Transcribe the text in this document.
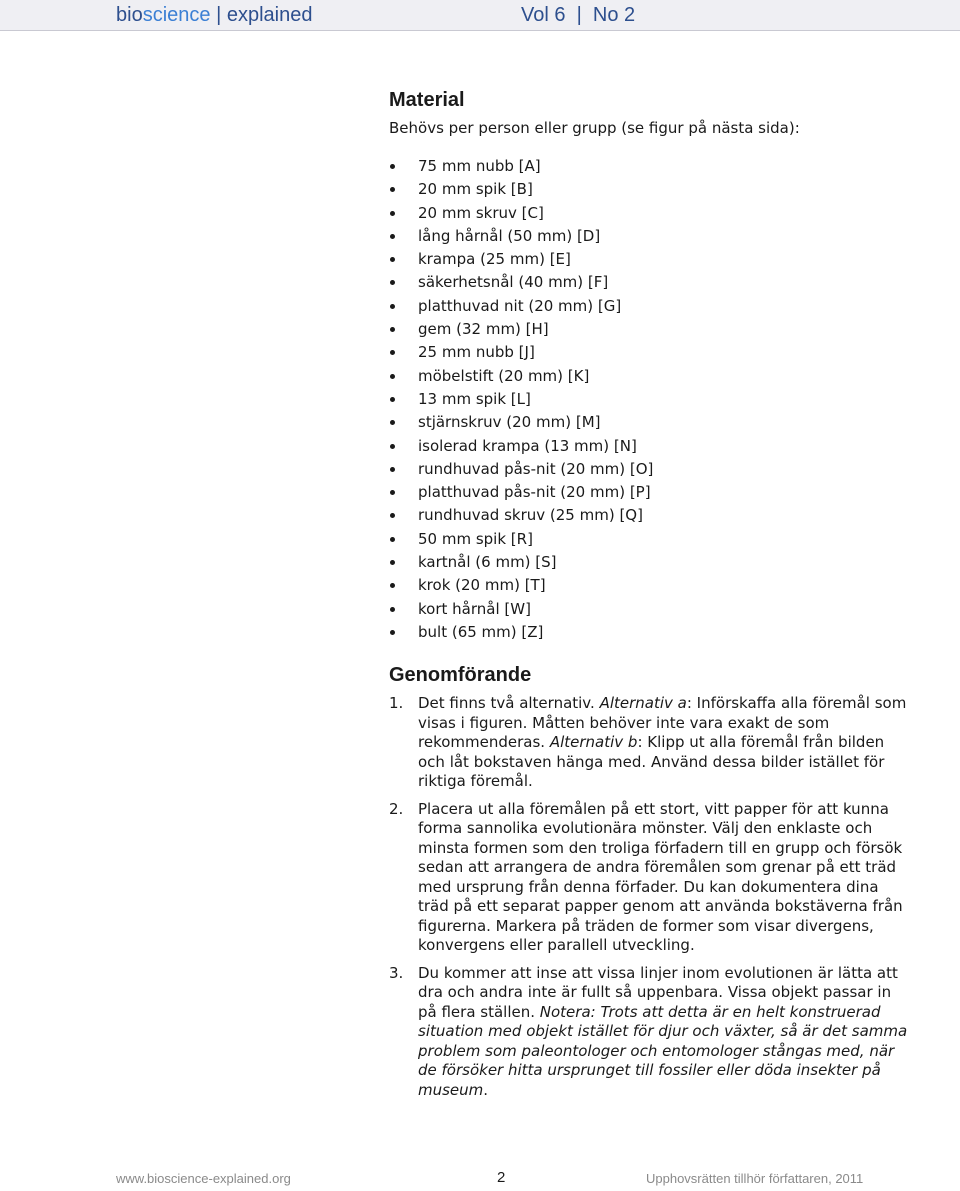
bioscience | explained	Vol 6  |  No 2
Material

Behövs per person eller grupp (se figur på nästa sida):

75 mm nubb [A]
20 mm spik [B]
20 mm skruv [C]
lång hårnål (50 mm) [D]
krampa (25 mm) [E]
säkerhetsnål (40 mm) [F]
platthuvad nit (20 mm) [G]
gem (32 mm) [H]
25 mm nubb [J]
möbelstift (20 mm) [K]
13 mm spik [L]
stjärnskruv (20 mm) [M]
isolerad krampa (13 mm) [N]
rundhuvad pås-nit (20 mm) [O]
platthuvad pås-nit (20 mm) [P]
rundhuvad skruv (25 mm) [Q]
50 mm spik [R]
kartnål (6 mm) [S]
krok (20 mm) [T]
kort hårnål [W]
bult (65 mm) [Z]
Genomförande
1. Det finns två alternativ. Alternativ a: Införskaffa alla föremål som visas i figuren. Måtten behöver inte vara exakt de som rekommenderas. Alternativ b: Klipp ut alla föremål från bilden och låt bokstaven hänga med. Använd dessa bilder istället för riktiga föremål.
2. Placera ut alla föremålen på ett stort, vitt papper för att kunna forma sannolika evolutionära mönster. Välj den enklaste och minsta formen som den troliga förfadern till en grupp och försök sedan att arrangera de andra föremålen som grenar på ett träd med ursprung från denna förfader. Du kan dokumentera dina träd på ett separat papper genom att använda bokstäverna från figurerna. Markera på träden de former som visar divergens, konvergens eller parallell utveckling.
3. Du kommer att inse att vissa linjer inom evolutionen är lätta att dra och andra inte är fullt så uppenbara. Vissa objekt passar in på flera ställen. Notera: Trots att detta är en helt konstruerad situation med objekt istället för djur och växter, så är det samma problem som paleontologer och entomologer stångas med, när de försöker hitta ursprunget till fossiler eller döda insekter på museum.
www.bioscience-explained.org	2	Upphovsrätten tillhör författaren, 2011
